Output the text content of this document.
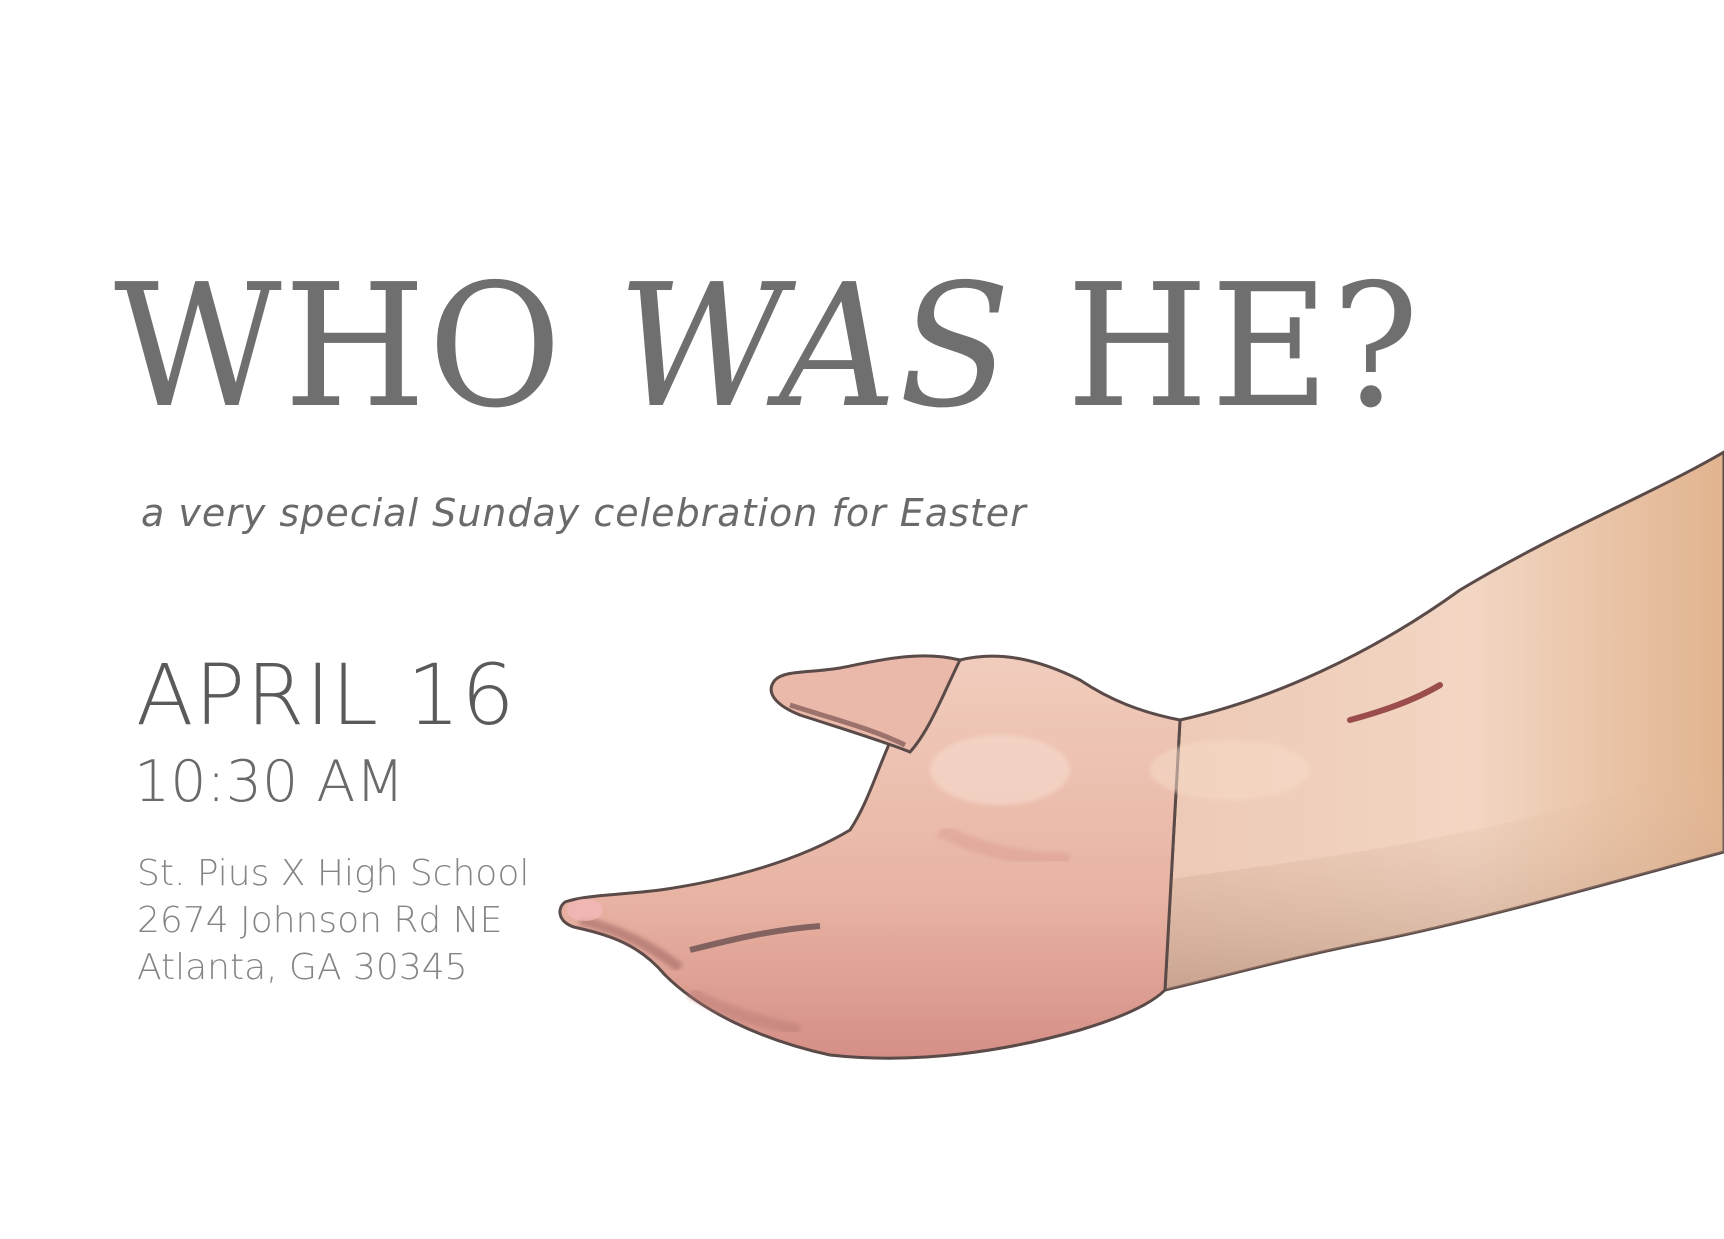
WHO WAS HE?

a very special Sunday celebration for Easter

APRIL 16

10:30 AM

St. Pius X High School
2674 Johnson Rd NE
Atlanta, GA 30345
